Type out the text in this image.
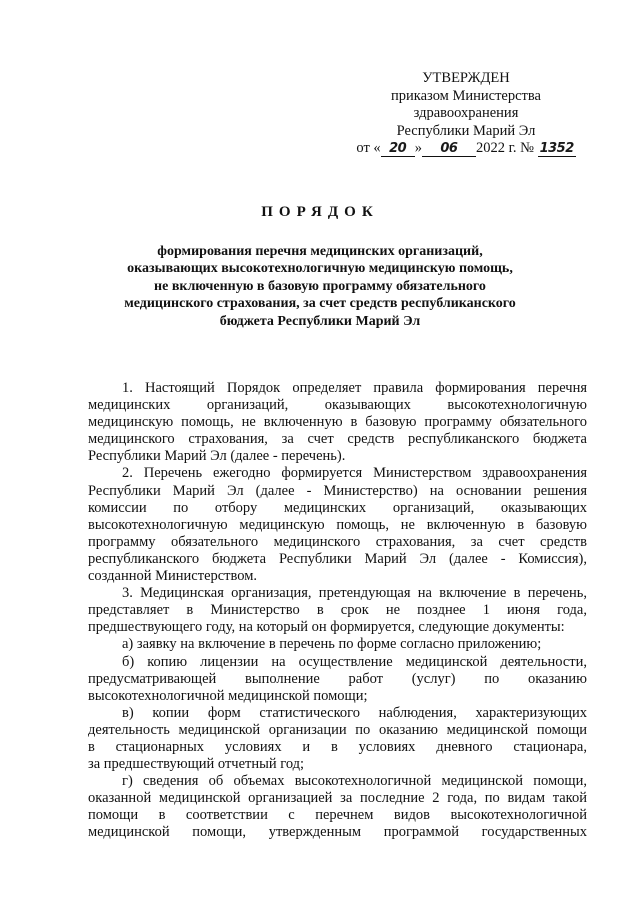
УТВЕРЖДЕН
приказом Министерства
здравоохранения
Республики Марий Эл
от « 20 » 06 2022 г. № 1352
ПОРЯДОК
формирования перечня медицинских организаций,
оказывающих высокотехнологичную медицинскую помощь,
не включенную в базовую программу обязательного
медицинского страхования, за счет средств республиканского
бюджета Республики Марий Эл
1. Настоящий Порядок определяет правила формирования перечня
медицинских организаций, оказывающих высокотехнологичную
медицинскую помощь, не включенную в базовую программу обязательного
медицинского страхования, за счет средств республиканского бюджета
Республики Марий Эл (далее - перечень).
2. Перечень ежегодно формируется Министерством здравоохранения
Республики Марий Эл (далее - Министерство) на основании решения
комиссии по отбору медицинских организаций, оказывающих
высокотехнологичную медицинскую помощь, не включенную в базовую
программу обязательного медицинского страхования, за счет средств
республиканского бюджета Республики Марий Эл (далее - Комиссия),
созданной Министерством.
3. Медицинская организация, претендующая на включение в перечень,
представляет в Министерство в срок не позднее 1 июня года,
предшествующего году, на который он формируется, следующие документы:
а) заявку на включение в перечень по форме согласно приложению;
б) копию лицензии на осуществление медицинской деятельности,
предусматривающей выполнение работ (услуг) по оказанию
высокотехнологичной медицинской помощи;
в) копии форм статистического наблюдения, характеризующих
деятельность медицинской организации по оказанию медицинской помощи
в стационарных условиях и в условиях дневного стационара,
за предшествующий отчетный год;
г) сведения об объемах высокотехнологичной медицинской помощи,
оказанной медицинской организацией за последние 2 года, по видам такой
помощи в соответствии с перечнем видов высокотехнологичной
медицинской помощи, утвержденным программой государственных
